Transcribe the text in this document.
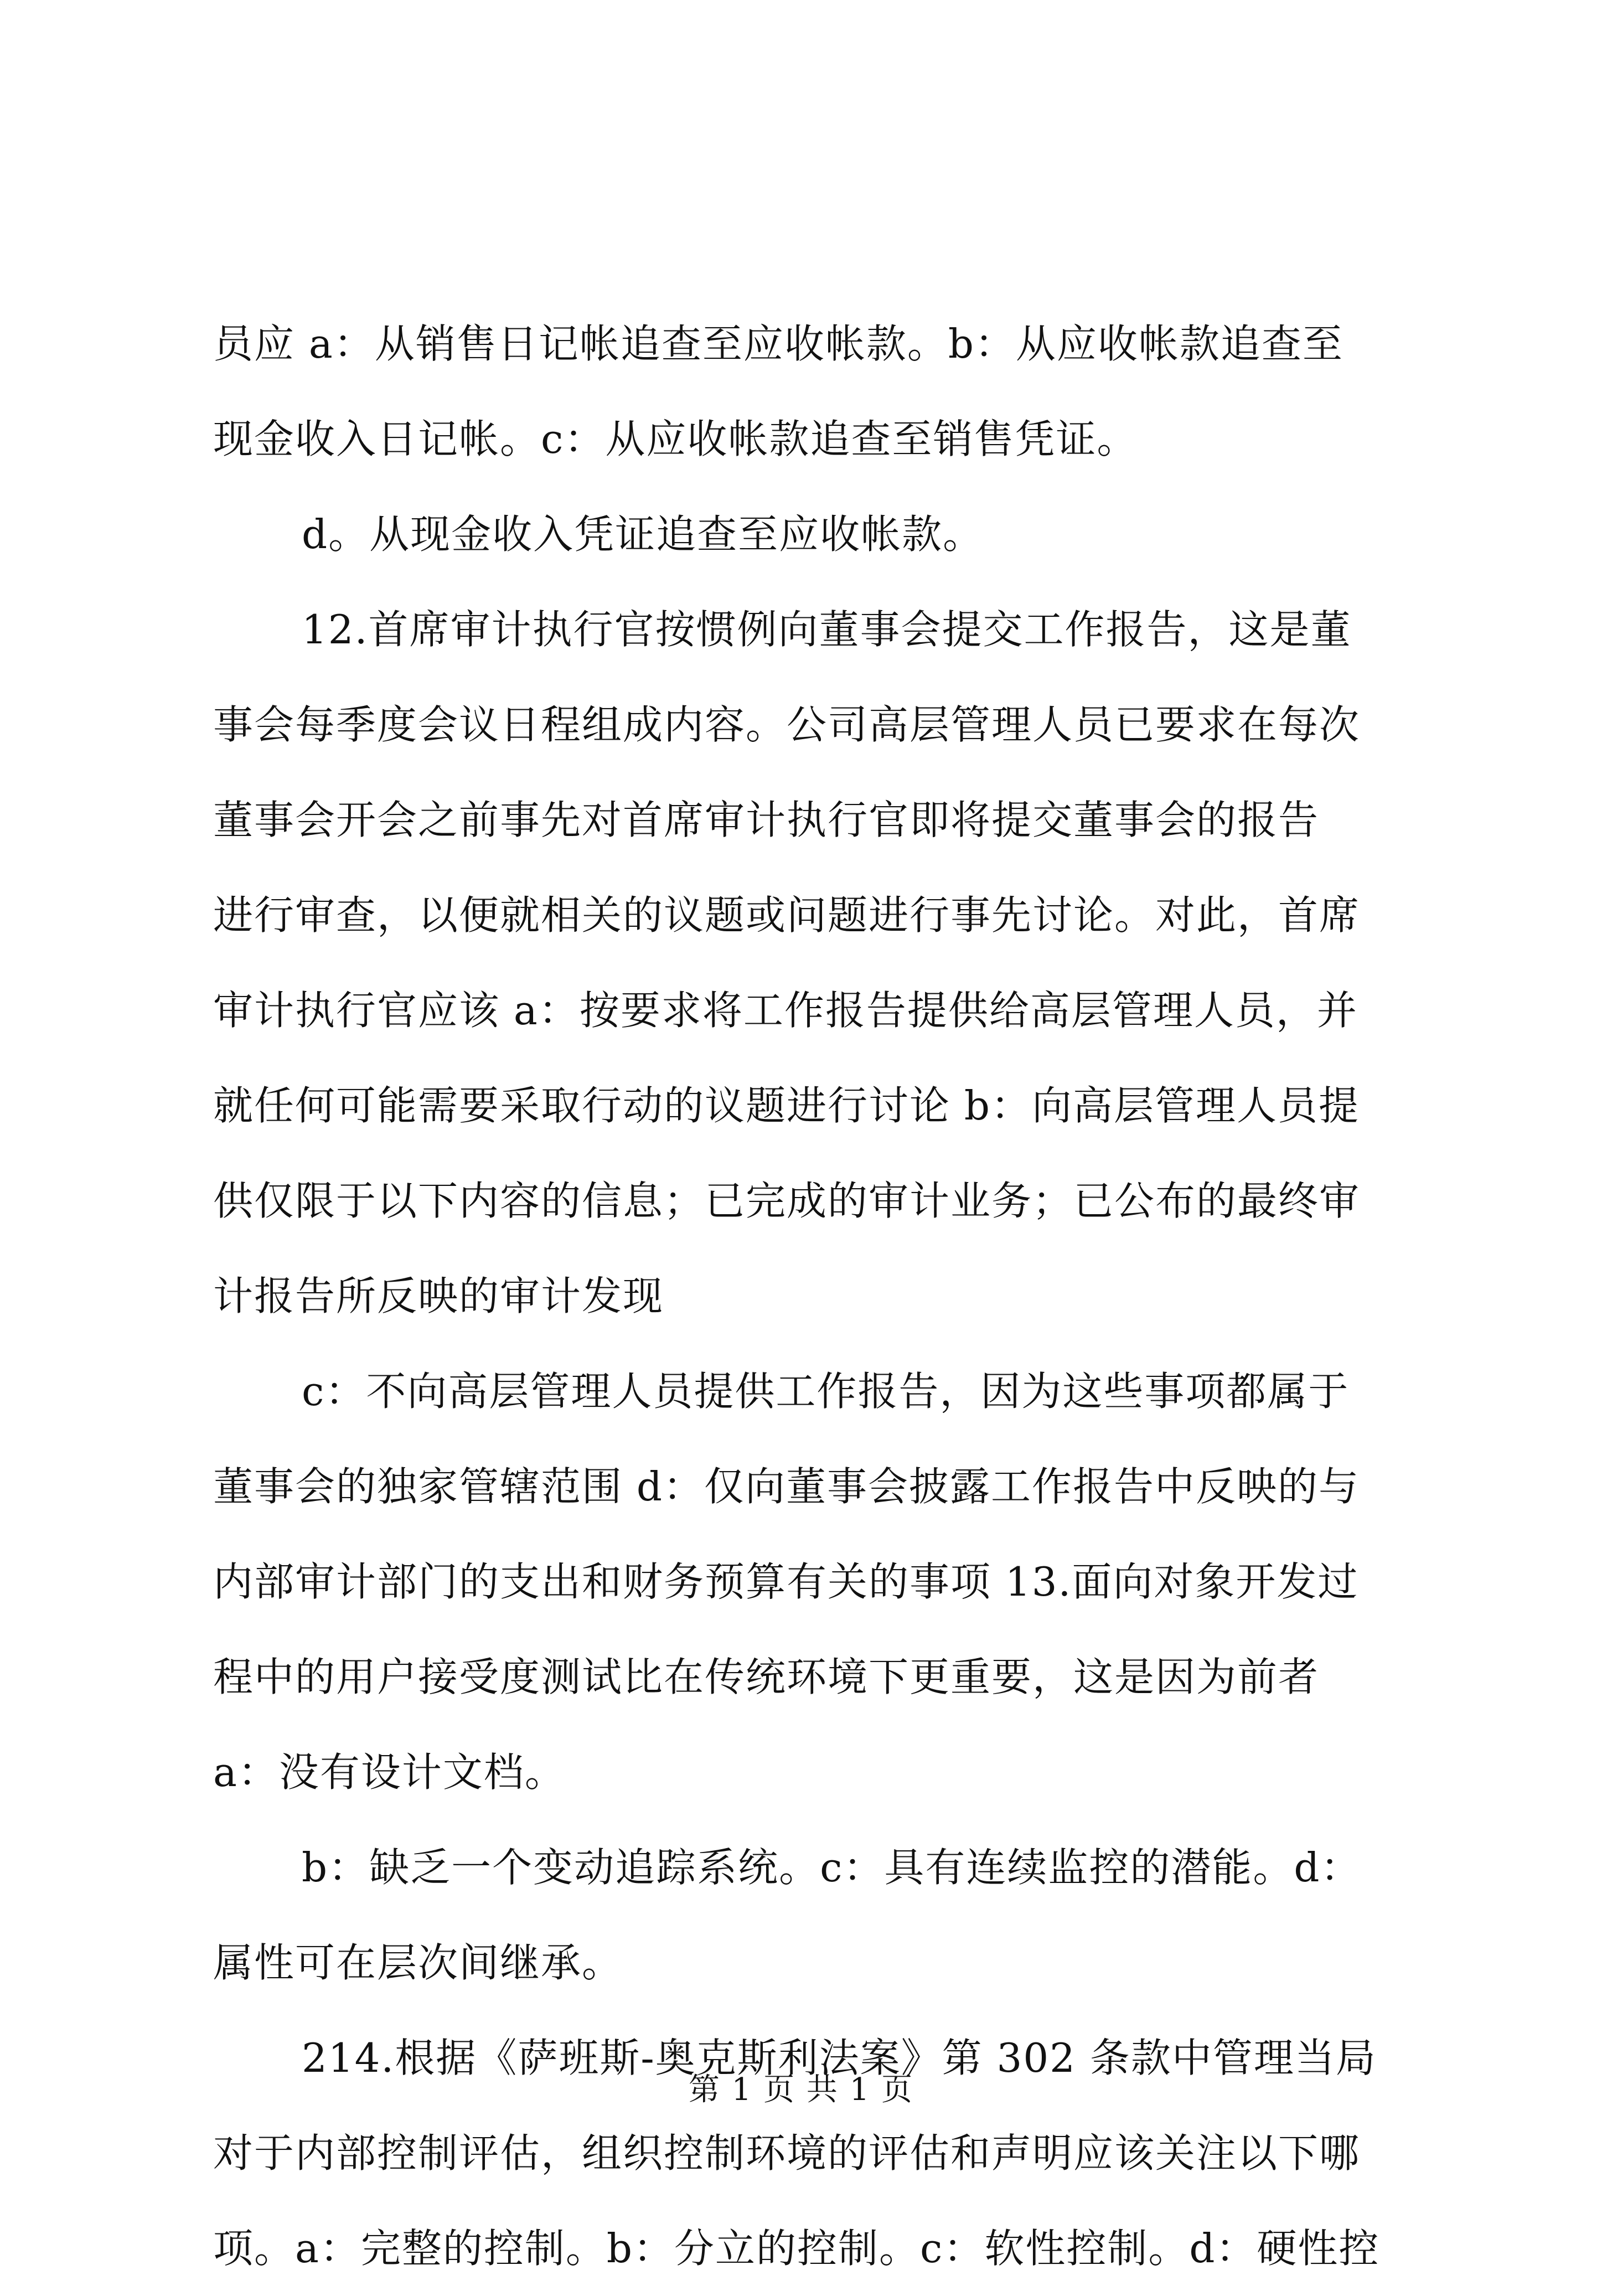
员应 a：从销售日记帐追查至应收帐款。b：从应收帐款追查至
现金收入日记帐。c：从应收帐款追查至销售凭证。
d。从现金收入凭证追查至应收帐款。
12.首席审计执行官按惯例向董事会提交工作报告，这是董
事会每季度会议日程组成内容。公司高层管理人员已要求在每次
董事会开会之前事先对首席审计执行官即将提交董事会的报告
进行审查，以便就相关的议题或问题进行事先讨论。对此，首席
审计执行官应该 a：按要求将工作报告提供给高层管理人员，并
就任何可能需要采取行动的议题进行讨论 b：向高层管理人员提
供仅限于以下内容的信息；已完成的审计业务；已公布的最终审
计报告所反映的审计发现
c：不向高层管理人员提供工作报告，因为这些事项都属于
董事会的独家管辖范围 d：仅向董事会披露工作报告中反映的与
内部审计部门的支出和财务预算有关的事项 13.面向对象开发过
程中的用户接受度测试比在传统环境下更重要，这是因为前者
a：没有设计文档。
b：缺乏一个变动追踪系统。c：具有连续监控的潜能。d：
属性可在层次间继承。
214.根据《萨班斯-奥克斯利法案》第 302 条款中管理当局
对于内部控制评估，组织控制环境的评估和声明应该关注以下哪
项。a：完整的控制。b：分立的控制。c：软性控制。d：硬性控
第 1 页 共 1 页
